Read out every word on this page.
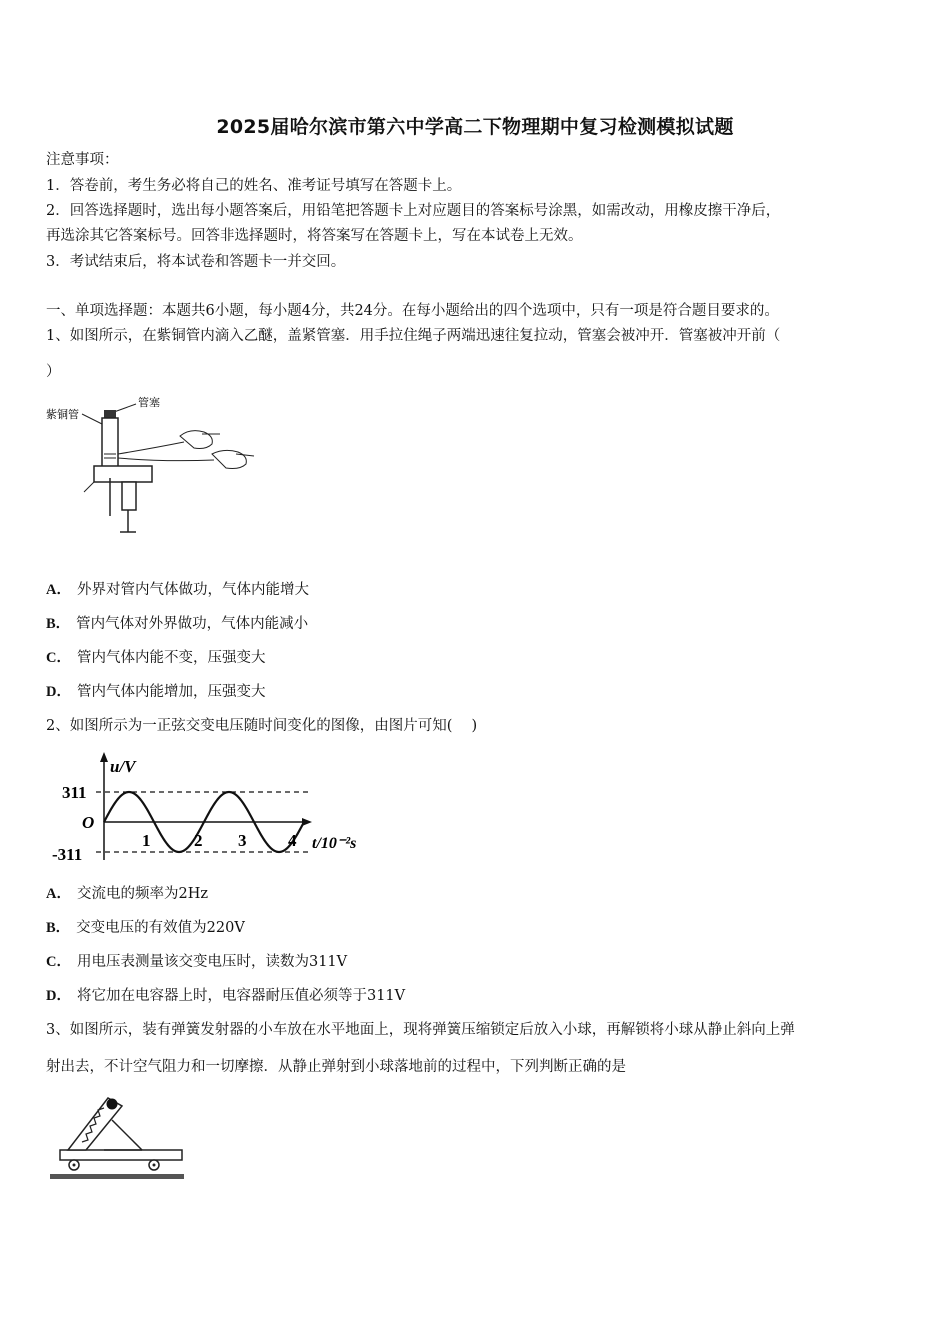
2025届哈尔滨市第六中学高二下物理期中复习检测模拟试题
注意事项：
1．答卷前，考生务必将自己的姓名、准考证号填写在答题卡上。
2．回答选择题时，选出每小题答案后，用铅笔把答题卡上对应题目的答案标号涂黑，如需改动，用橡皮擦干净后，
再选涂其它答案标号。回答非选择题时，将答案写在答题卡上，写在本试卷上无效。
3．考试结束后，将本试卷和答题卡一并交回。
一、单项选择题：本题共6小题，每小题4分，共24分。在每小题给出的四个选项中，只有一项是符合题目要求的。
1、如图所示，在紫铜管内滴入乙醚，盖紧管塞．用手拉住绳子两端迅速往复拉动，管塞会被冲开．管塞被冲开前（
）
紫铜管
管塞
A． 外界对管内气体做功，气体内能增大
B． 管内气体对外界做功，气体内能减小
C． 管内气体内能不变，压强变大
D． 管内气体内能增加，压强变大
2、如图所示为一正弦交变电压随时间变化的图像，由图片可知(　 )
u/V
t/10⁻²s
O
311
-311
1	2 3 4
A． 交流电的频率为2Hz
B． 交变电压的有效值为220V
C． 用电压表测量该交变电压时，读数为311V
D． 将它加在电容器上时，电容器耐压值必须等于311V
3、如图所示，装有弹簧发射器的小车放在水平地面上，现将弹簧压缩锁定后放入小球，再解锁将小球从静止斜向上弹
射出去，不计空气阻力和一切摩擦．从静止弹射到小球落地前的过程中，下列判断正确的是
